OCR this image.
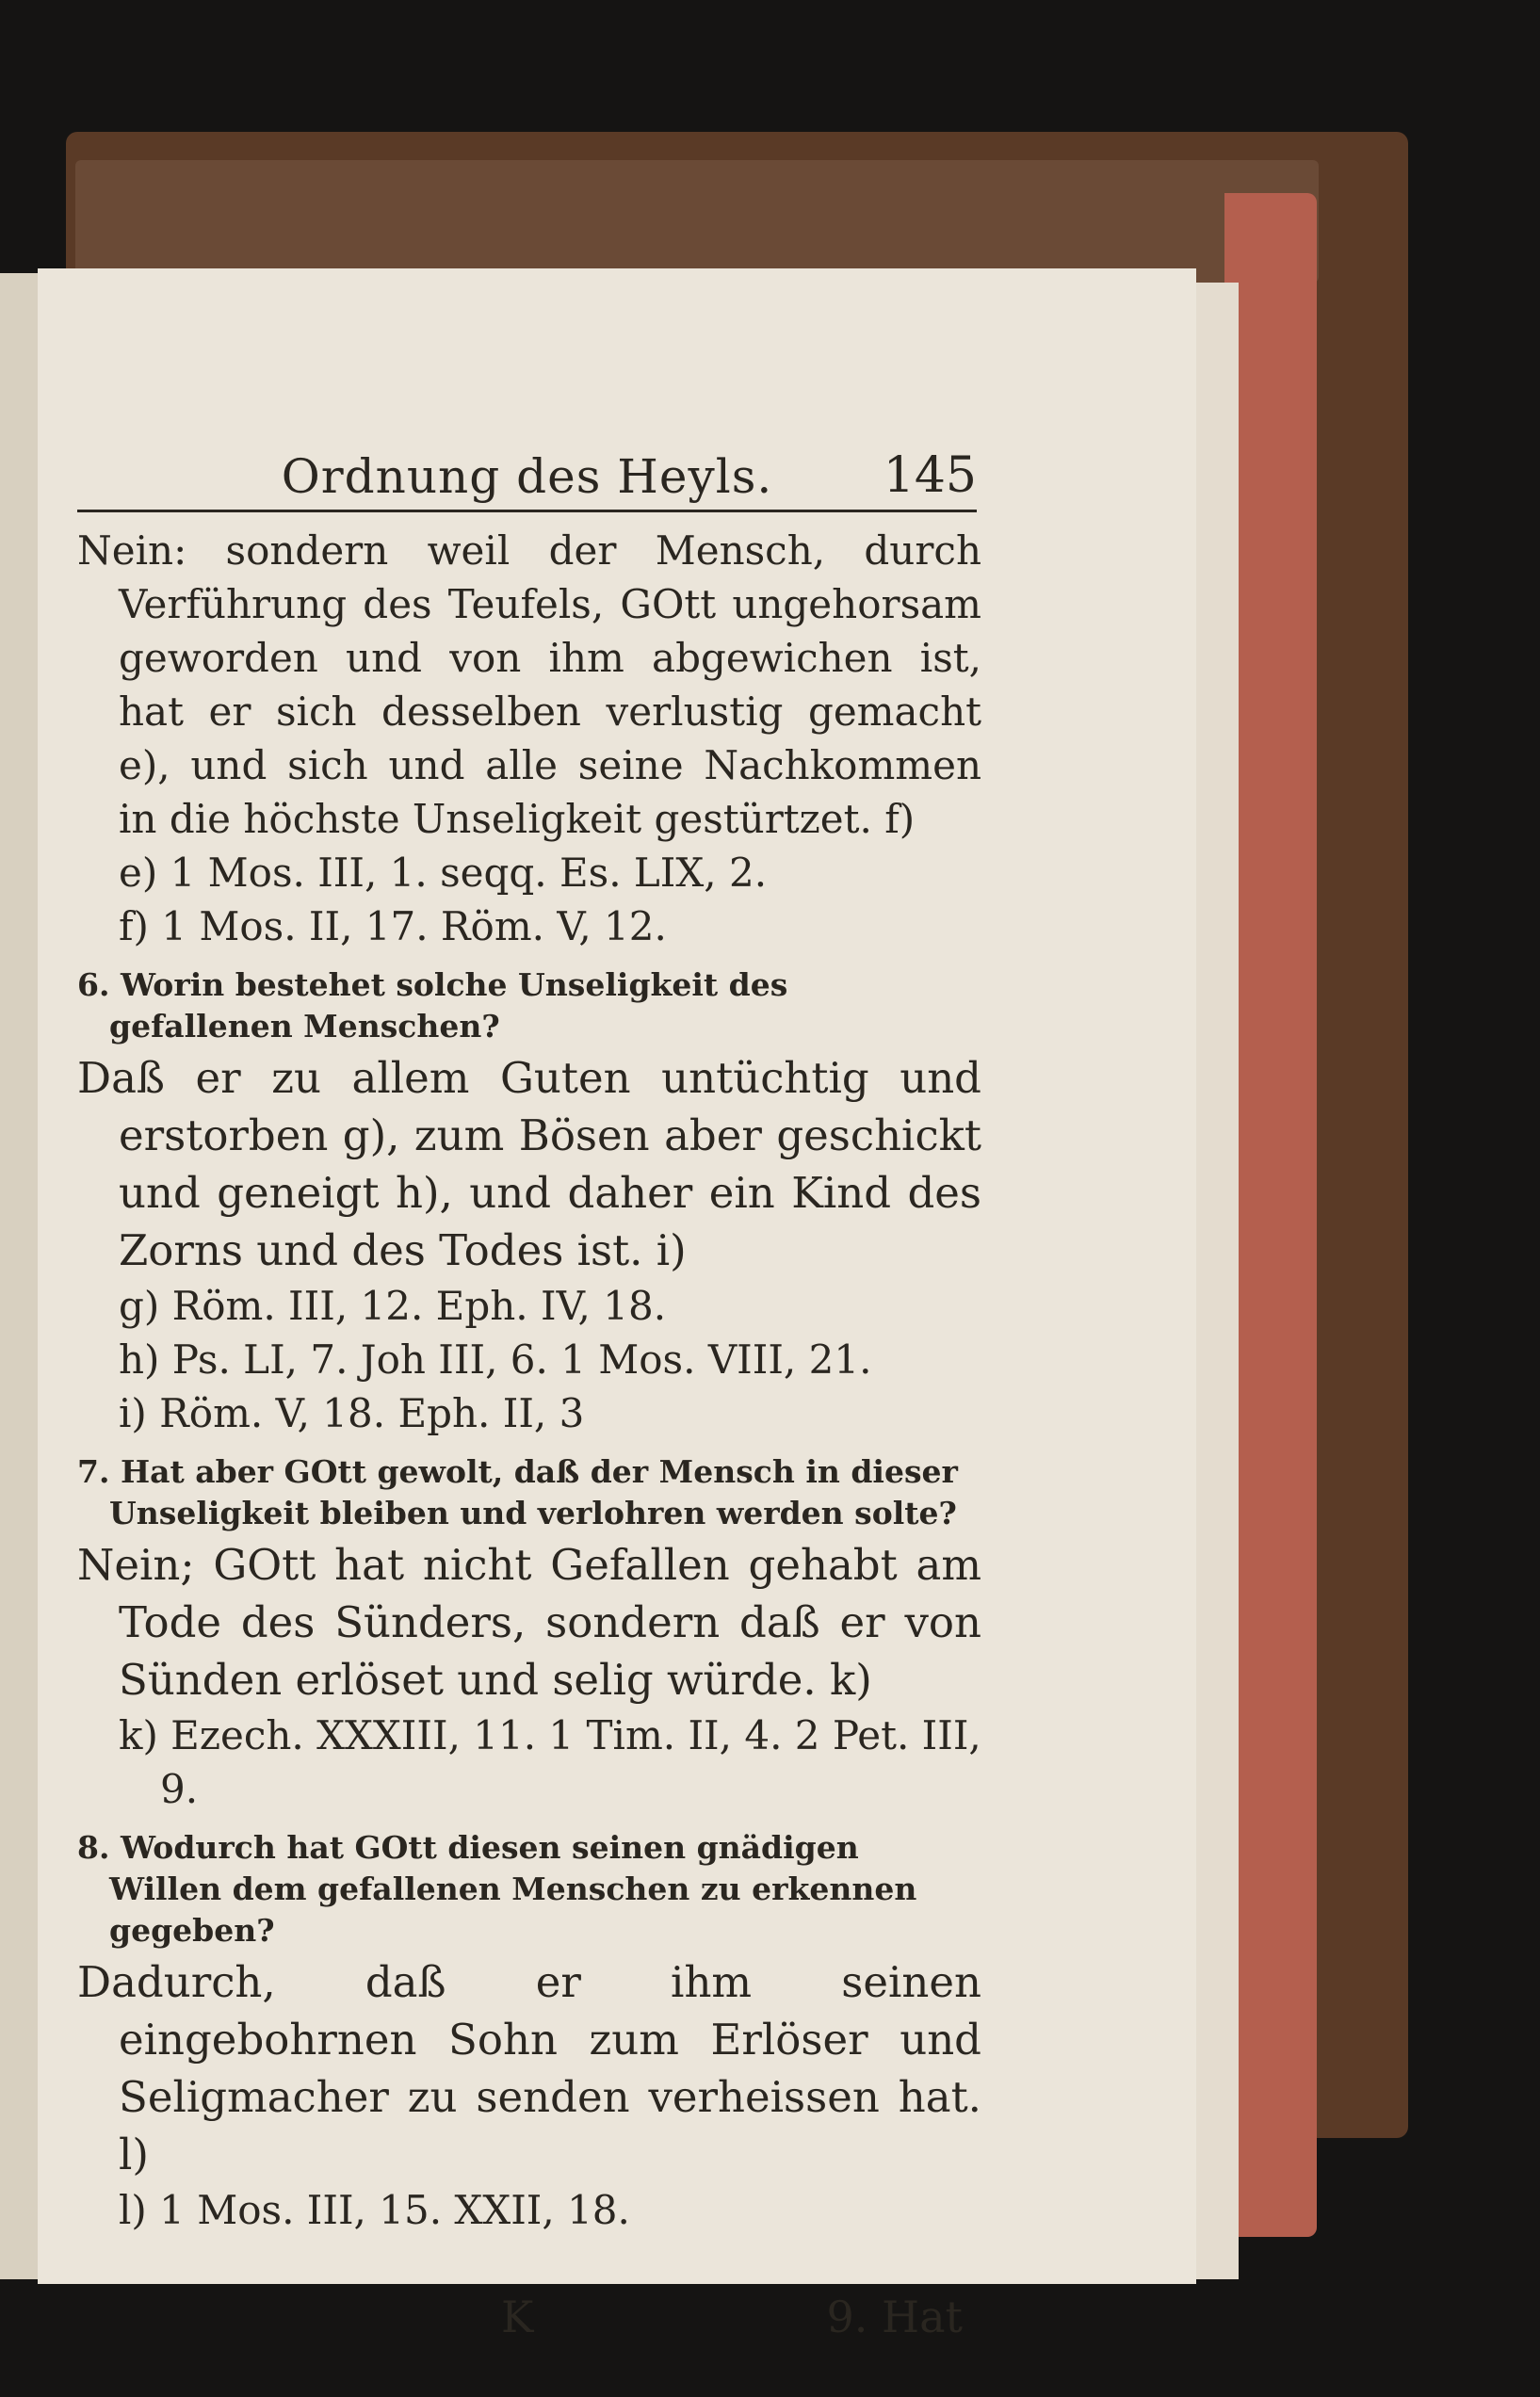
Ordnung des Heyls. 145
Nein: sondern weil der Mensch, durch Verführung des Teufels, GOtt ungehorsam geworden und von ihm abgewichen ist, hat er sich desselben verlustig gemacht e), und sich und alle seine Nachkommen in die höchste Unseligkeit gestürtzet. f)
e) 1 Mos. III, 1. seqq. Es. LIX, 2.
f) 1 Mos. II, 17. Röm. V, 12.
6. Worin bestehet solche Unseligkeit des gefallenen Menschen?
Daß er zu allem Guten untüchtig und erstorben g), zum Bösen aber geschickt und geneigt h), und daher ein Kind des Zorns und des Todes ist. i)
g) Röm. III, 12. Eph. IV, 18.
h) Ps. LI, 7. Joh III, 6. 1 Mos. VIII, 21.
i) Röm. V, 18. Eph. II, 3
7. Hat aber GOtt gewolt, daß der Mensch in dieser Unseligkeit bleiben und verlohren werden solte?
Nein; GOtt hat nicht Gefallen gehabt am Tode des Sünders, sondern daß er von Sünden erlöset und selig würde. k)
k) Ezech. XXXIII, 11. 1 Tim. II, 4. 2 Pet. III, 9.
8. Wodurch hat GOtt diesen seinen gnädigen Willen dem gefallenen Menschen zu erkennen gegeben?
Dadurch, daß er ihm seinen eingebohrnen Sohn zum Erlöser und Seligmacher zu senden verheissen hat. l)
l) 1 Mos. III, 15. XXII, 18.
K	9. Hat
